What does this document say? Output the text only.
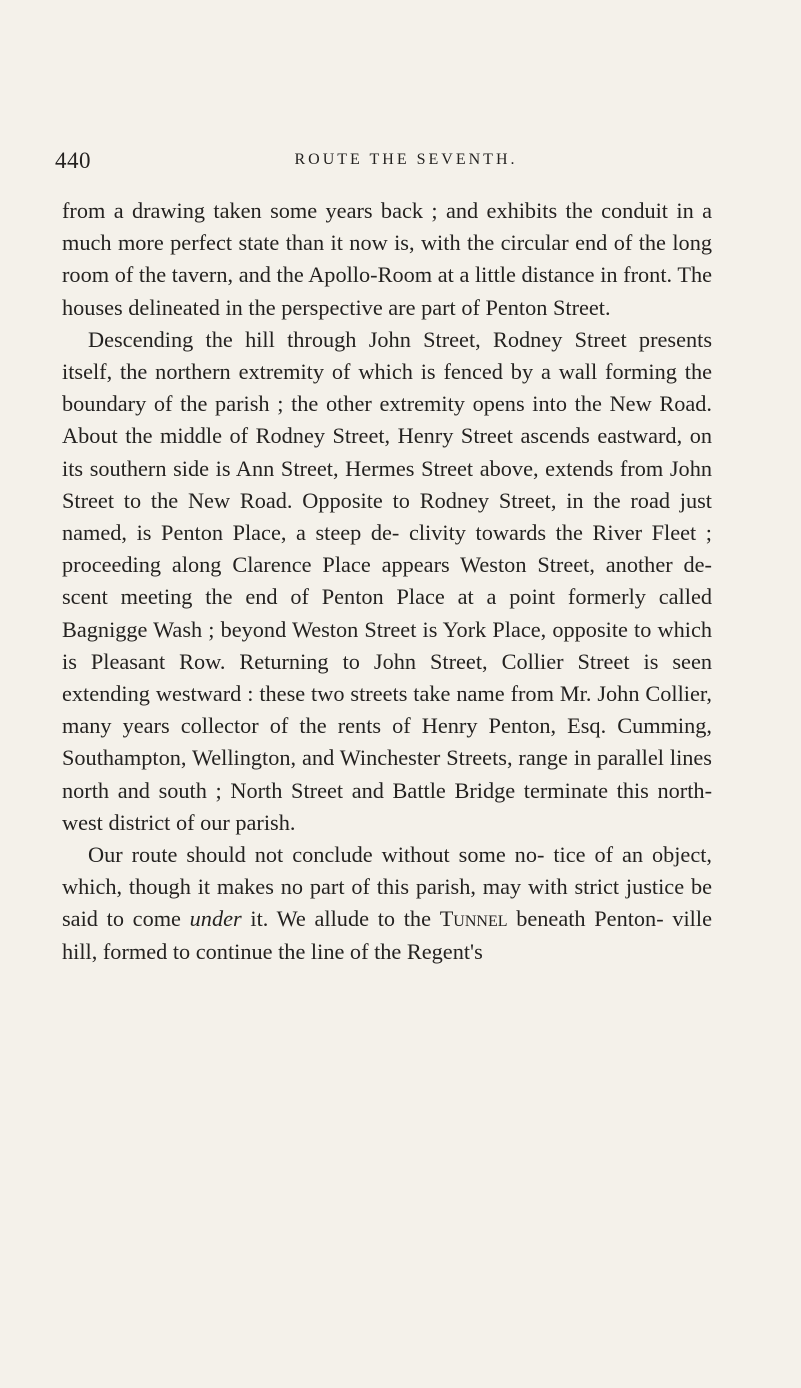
440	ROUTE THE SEVENTH.

from a drawing taken some years back ; and exhibits the conduit in a much more perfect state than it now is, with the circular end of the long room of the tavern, and the Apollo-Room at a little distance in front. The houses delineated in the perspective are part of Penton Street.

Descending the hill through John Street, Rodney Street presents itself, the northern extremity of which is fenced by a wall forming the boundary of the parish ; the other extremity opens into the New Road. About the middle of Rodney Street, Henry Street ascends eastward, on its southern side is Ann Street, Hermes Street above, extends from John Street to the New Road. Opposite to Rodney Street, in the road just named, is Penton Place, a steep de- clivity towards the River Fleet ; proceeding along Clarence Place appears Weston Street, another de- scent meeting the end of Penton Place at a point formerly called Bagnigge Wash ; beyond Weston Street is York Place, opposite to which is Pleasant Row. Returning to John Street, Collier Street is seen extending westward : these two streets take name from Mr. John Collier, many years collector of the rents of Henry Penton, Esq. Cumming, Southampton, Wellington, and Winchester Streets, range in parallel lines north and south ; North Street and Battle Bridge terminate this north-west district of our parish.

Our route should not conclude without some no- tice of an object, which, though it makes no part of this parish, may with strict justice be said to come under it. We allude to the Tunnel beneath Penton- ville hill, formed to continue the line of the Regent's
